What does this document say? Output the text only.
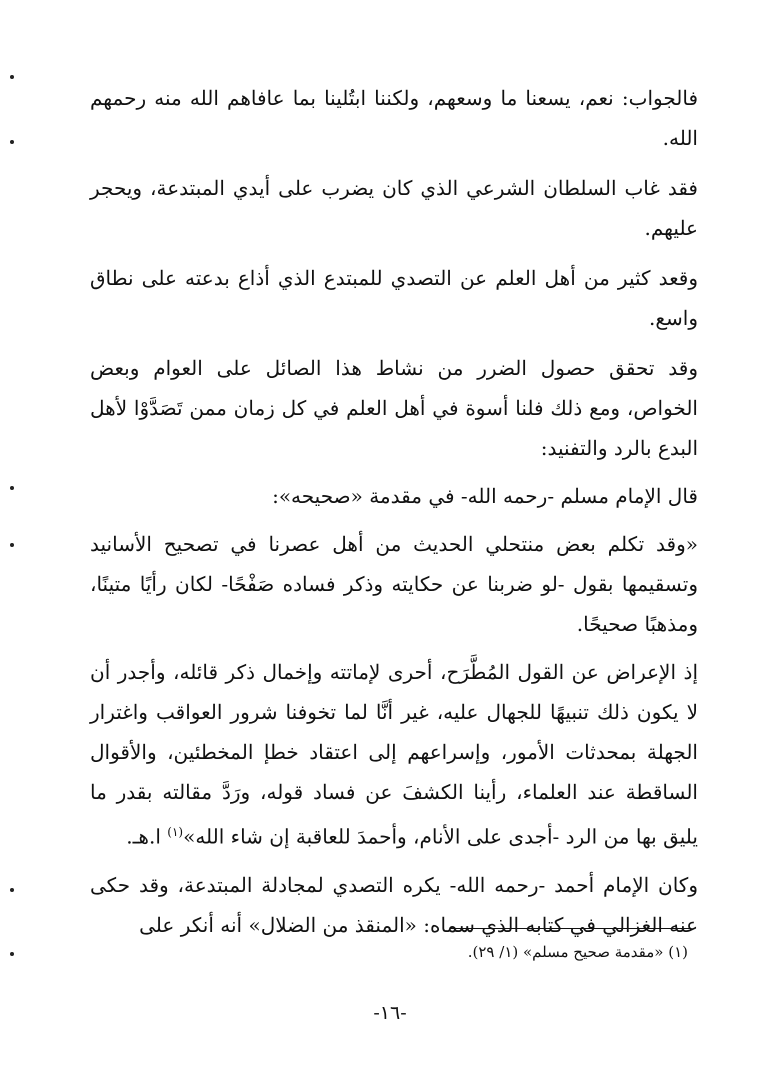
فالجواب: نعم، يسعنا ما وسعهم، ولكننا ابتُلينا بما عافاهم الله منه رحمهم الله.

فقد غاب السلطان الشرعي الذي كان يضرب على أيدي المبتدعة، ويحجر عليهم.

وقعد كثير من أهل العلم عن التصدي للمبتدع الذي أذاع بدعته على نطاق واسع.

وقد تحقق حصول الضرر من نشاط هذا الصائل على العوام وبعض الخواص، ومع ذلك فلنا أسوة في أهل العلم في كل زمان ممن تَصَدَّوْا لأهل البدع بالرد والتفنيد:

قال الإمام مسلم -رحمه الله- في مقدمة «صحيحه»:

«وقد تكلم بعض منتحلي الحديث من أهل عصرنا في تصحيح الأسانيد وتسقيمها بقول -لو ضربنا عن حكايته وذكر فساده صَفْحًا- لكان رأيًا متينًا، ومذهبًا صحيحًا.

إذ الإعراض عن القول المُطَّرَح، أحرى لإماتته وإخمال ذكر قائله، وأجدر أن لا يكون ذلك تنبيهًا للجهال عليه، غير أنَّا لما تخوفنا شرور العواقب واغترار الجهلة بمحدثات الأمور، وإسراعهم إلى اعتقاد خطإ المخطئين، والأقوال الساقطة عند العلماء، رأينا الكشفَ عن فساد قوله، ورَدَّ مقالته بقدر ما يليق بها من الرد -أجدى على الأنام، وأحمدَ للعاقبة إن شاء الله»$^{(١)}$ ا.هـ.

وكان الإمام أحمد -رحمه الله- يكره التصدي لمجادلة المبتدعة، وقد حكى عنه الغزالي في كتابه الذي سماه: «المنقذ من الضلال» أنه أنكر على

(١) «مقدمة صحيح مسلم» (١/ ٢٩).
-١٦-
